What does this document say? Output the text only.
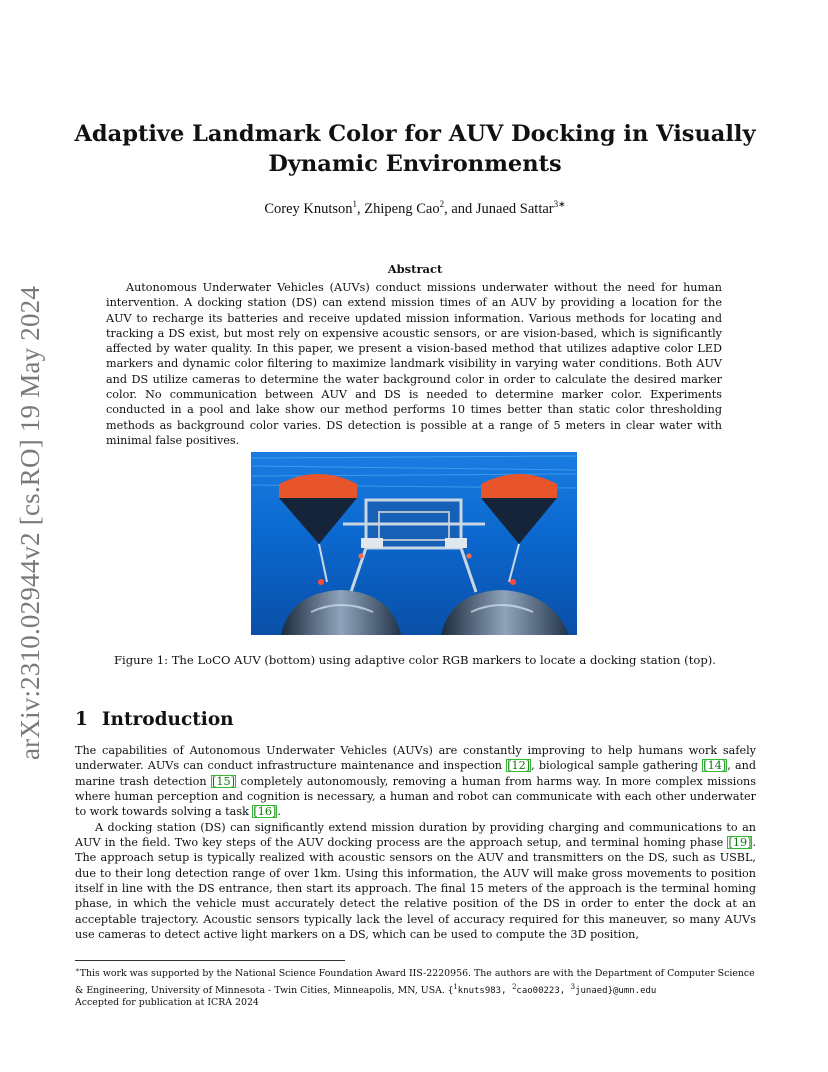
arXiv:2310.02944v2 [cs.RO] 19 May 2024
Adaptive Landmark Color for AUV Docking in Visually
Dynamic Environments
Corey Knutson$^1$, Zhipeng Cao$^2$, and Junaed Sattar$^{3∗}$
Abstract
Autonomous Underwater Vehicles (AUVs) conduct missions underwater without the need for human intervention. A docking station (DS) can extend mission times of an AUV by providing a location for the AUV to recharge its batteries and receive updated mission information. Various methods for locating and tracking a DS exist, but most rely on expensive acoustic sensors, or are vision-based, which is significantly affected by water quality. In this paper, we present a vision-based method that utilizes adaptive color LED markers and dynamic color filtering to maximize landmark visibility in varying water conditions. Both AUV and DS utilize cameras to determine the water background color in order to calculate the desired marker color. No communication between AUV and DS is needed to determine marker color. Experiments conducted in a pool and lake show our method performs 10 times better than static color thresholding methods as background color varies. DS detection is possible at a range of 5 meters in clear water with minimal false positives.
Figure 1: The LoCO AUV (bottom) using adaptive color RGB markers to locate a docking station (top).
1 Introduction

The capabilities of Autonomous Underwater Vehicles (AUVs) are constantly improving to help humans work safely underwater. AUVs can conduct infrastructure maintenance and inspection [12], biological sample gathering [14], and marine trash detection [15] completely autonomously, removing a human from harms way. In more complex missions where human perception and cognition is necessary, a human and robot can communicate with each other underwater to work towards solving a task [16].

A docking station (DS) can significantly extend mission duration by providing charging and communications to an AUV in the field. Two key steps of the AUV docking process are the approach setup, and terminal homing phase [19]. The approach setup is typically realized with acoustic sensors on the AUV and transmitters on the DS, such as USBL, due to their long detection range of over 1km. Using this information, the AUV will make gross movements to position itself in line with the DS entrance, then start its approach. The final 15 meters of the approach is the terminal homing phase, in which the vehicle must accurately detect the relative position of the DS in order to enter the dock at an acceptable trajectory. Acoustic sensors typically lack the level of accuracy required for this maneuver, so many AUVs use cameras to detect active light markers on a DS, which can be used to compute the 3D position,

∗This work was supported by the National Science Foundation Award IIS-2220956. The authors are with the Department of Computer Science & Engineering, University of Minnesota - Twin Cities, Minneapolis, MN, USA. {$^1$knuts983, $^2$cao00223, $^3$junaed}@umn.edu
Accepted for publication at ICRA 2024
